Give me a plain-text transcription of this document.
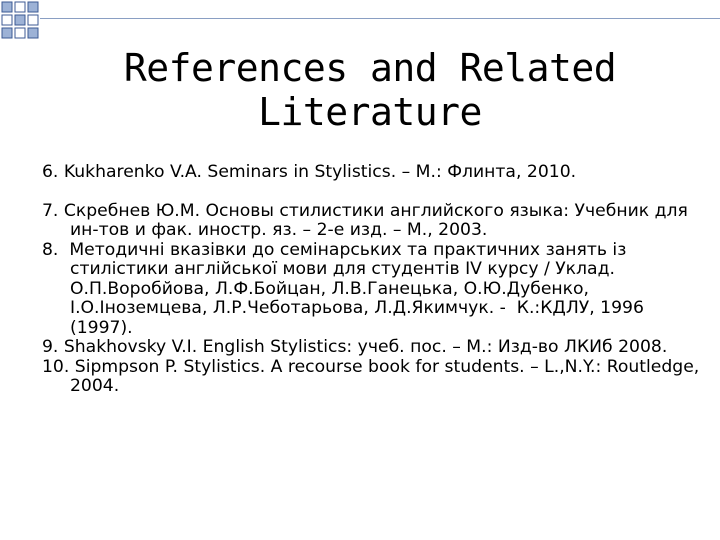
References and Related
Literature
6. Kukharenko V.A. Seminars in Stylistics. – M.: Флинта, 2010.
7. Скребнев Ю.М. Основы стилистики английского языка: Учебник для ин-тов и фак. иностр. яз. – 2-е изд. – М., 2003.
8.  Методичні вказівки до семінарських та практичних занять із стилістики англійської мови для студентів IV курсу / Уклад. О.П.Воробйова, Л.Ф.Бойцан, Л.В.Ганецька, О.Ю.Дубенко, І.О.Іноземцева, Л.Р.Чеботарьова, Л.Д.Якимчук. -  К.:КДЛУ, 1996 (1997).
9. Shakhovsky V.I. English Stylistics: учеб. пос. – М.: Изд-во ЛКИб 2008.
10. Sipmpson P. Stylistics. A recourse book for students. – L.,N.Y.: Routledge, 2004.
